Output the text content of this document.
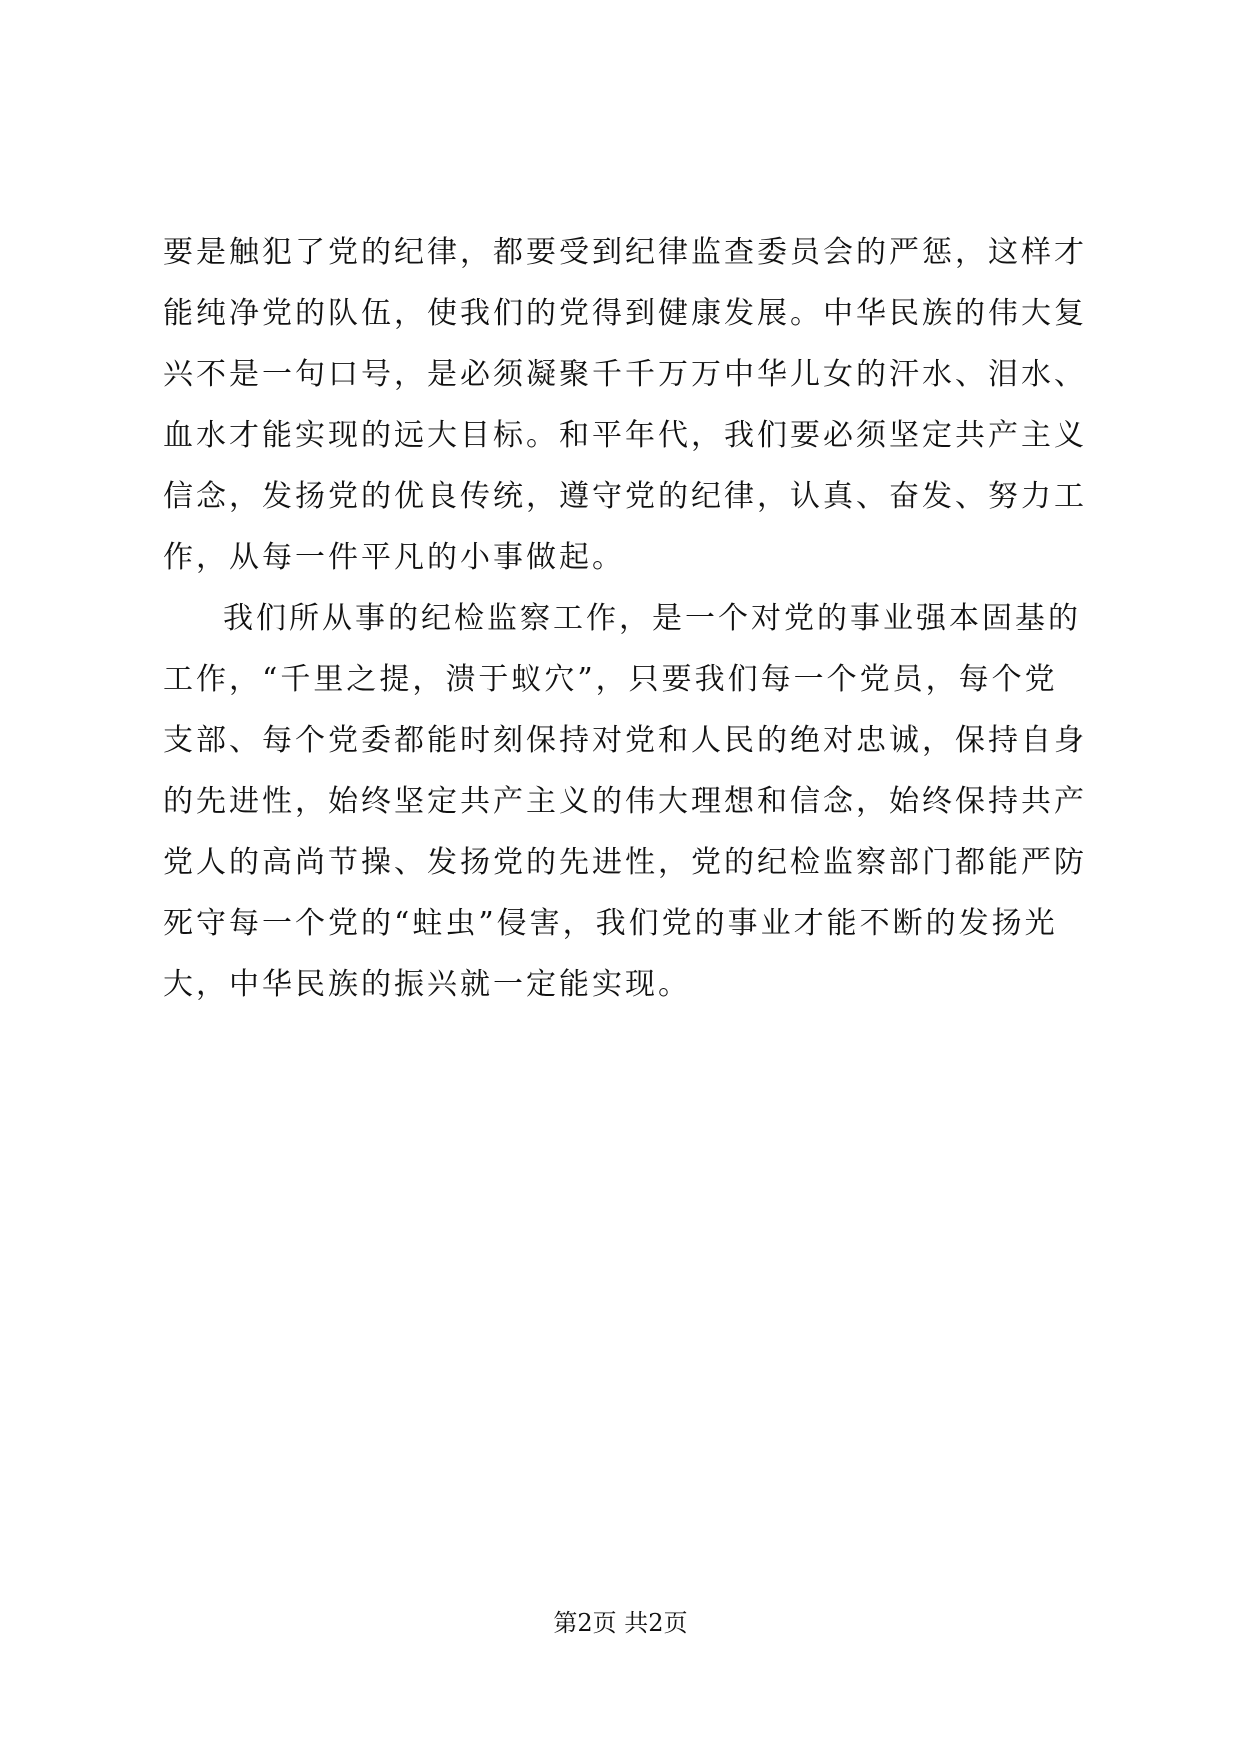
要是触犯了党的纪律，都要受到纪律监查委员会的严惩，这样才
能纯净党的队伍，使我们的党得到健康发展。中华民族的伟大复
兴不是一句口号，是必须凝聚千千万万中华儿女的汗水、泪水、
血水才能实现的远大目标。和平年代，我们要必须坚定共产主义
信念，发扬党的优良传统，遵守党的纪律，认真、奋发、努力工
作，从每一件平凡的小事做起。
我们所从事的纪检监察工作，是一个对党的事业强本固基的
工作，“千里之提，溃于蚁穴”，只要我们每一个党员，每个党
支部、每个党委都能时刻保持对党和人民的绝对忠诚，保持自身
的先进性，始终坚定共产主义的伟大理想和信念，始终保持共产
党人的高尚节操、发扬党的先进性，党的纪检监察部门都能严防
死守每一个党的“蛀虫”侵害，我们党的事业才能不断的发扬光
大，中华民族的振兴就一定能实现。
第2页 共2页
